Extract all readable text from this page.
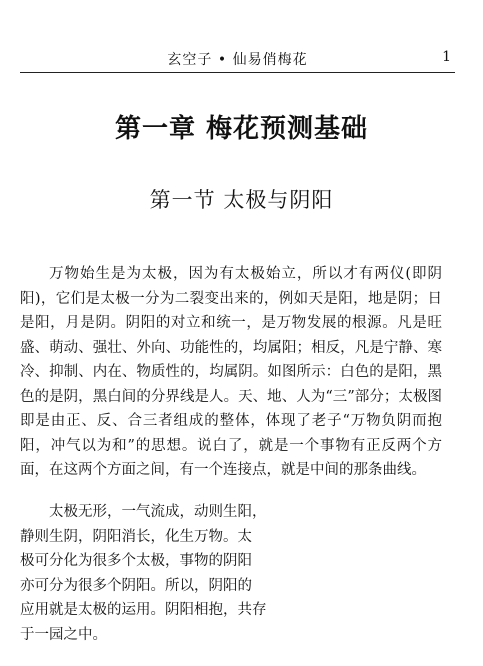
玄空子 • 仙易俏梅花	1
第一章 梅花预测基础
第一节 太极与阴阳

万物始生是为太极，因为有太极始立，所以才有两仪(即阴阳)，它们是太极一分为二裂变出来的，例如天是阳，地是阴；日是阳，月是阴。阴阳的对立和统一，是万物发展的根源。凡是旺盛、萌动、强壮、外向、功能性的，均属阳；相反，凡是宁静、寒冷、抑制、内在、物质性的，均属阴。如图所示：白色的是阳，黑色的是阴，黑白间的分界线是人。天、地、人为“三”部分；太极图即是由正、反、合三者组成的整体，体现了老子“万物负阴而抱阳，冲气以为和”的思想。说白了，就是一个事物有正反两个方面，在这两个方面之间，有一个连接点，就是中间的那条曲线。

太极无形，一气流成，动则生阳，
静则生阴，阴阳消长，化生万物。太
极可分化为很多个太极，事物的阴阳
亦可分为很多个阴阳。所以，阴阳的
应用就是太极的运用。阴阳相抱，共存
于一园之中。
